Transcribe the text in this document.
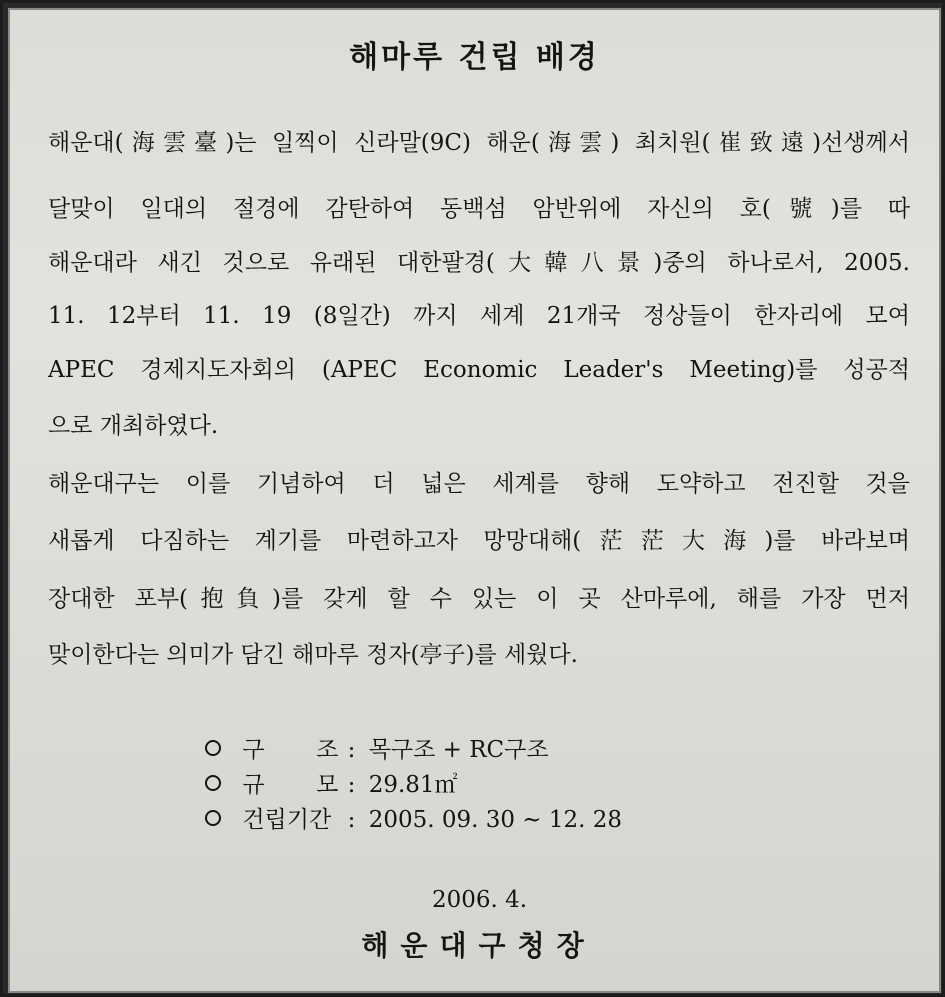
해마루 건립 배경
해운대(海雲臺)는 일찍이 신라말(9C) 해운(海雲) 최치원(崔致遠)선생께서
달맞이 일대의 절경에 감탄하여 동백섬 암반위에 자신의 호(號)를 따
해운대라 새긴 것으로 유래된 대한팔경(大韓八景)중의 하나로서, 2005.
11. 12부터 11. 19 (8일간) 까지 세계 21개국 정상들이 한자리에 모여
APEC 경제지도자회의 (APEC Economic Leader's Meeting)를 성공적
으로 개최하였다.
해운대구는 이를 기념하여 더 넓은 세계를 향해 도약하고 전진할 것을
새롭게 다짐하는 계기를 마련하고자 망망대해(茫茫大海)를 바라보며
장대한 포부(抱負)를 갖게 할 수 있는 이 곳 산마루에, 해를 가장 먼저
맞이한다는 의미가 담긴 해마루 정자(亭子)를 세웠다.
구 조 : 목구조 + RC구조
규 모 : 29.81㎡
건립기간 : 2005. 09. 30 ~ 12. 28
2006. 4.
해운대구청장
